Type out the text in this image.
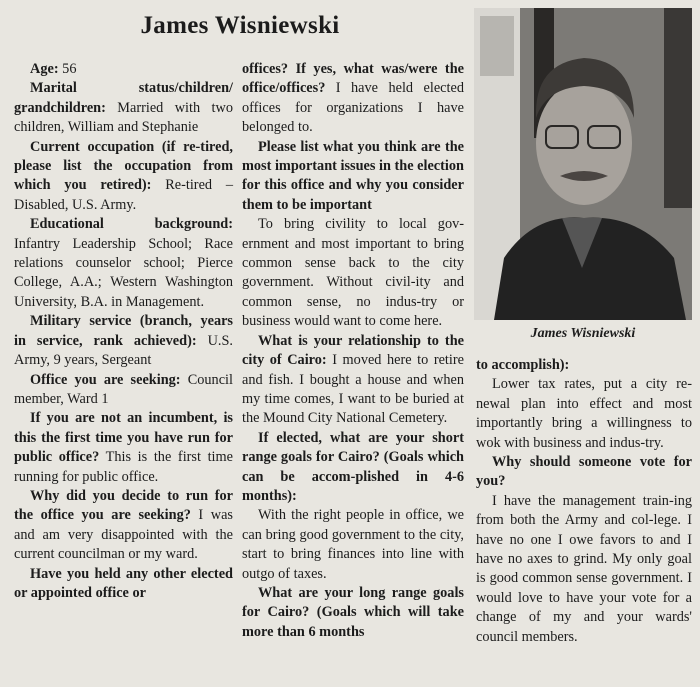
James Wisniewski

Age: 56

Marital status/children/ grandchildren: Married with two children, William and Stephanie

Current occupation (if re-tired, please list the occupation from which you retired): Re-tired – Disabled, U.S. Army.

Educational background: Infantry Leadership School; Race relations counselor school; Pierce College, A.A.; Western Washington University, B.A. in Management.

Military service (branch, years in service, rank achieved): U.S. Army, 9 years, Sergeant

Office you are seeking: Council member, Ward 1

If you are not an incumbent, is this the first time you have run for public office? This is the first time running for public office.

Why did you decide to run for the office you are seeking? I was and am very disappointed with the current councilman or my ward.

Have you held any other elected or appointed office or

offices? If yes, what was/were the office/offices? I have held elected offices for organizations I have belonged to.

Please list what you think are the most important issues in the election for this office and why you consider them to be important

To bring civility to local gov-ernment and most important to bring common sense back to the city government. Without civil-ity and common sense, no indus-try or business would want to come here.

What is your relationship to the city of Cairo: I moved here to retire and fish. I bought a house and when my time comes, I want to be buried at the Mound City National Cemetery.

If elected, what are your short range goals for Cairo? (Goals which can be accom-plished in 4-6 months):

With the right people in office, we can bring good government to the city, start to bring finances into line with outgo of taxes.

What are your long range goals for Cairo? (Goals which will take more than 6 months

James Wisniewski

to accomplish):

Lower tax rates, put a city re-newal plan into effect and most importantly bring a willingness to wok with business and indus-try.

Why should someone vote for you?

I have the management train-ing from both the Army and col-lege. I have no one I owe favors to and I have no axes to grind. My only goal is good common sense government. I would love to have your vote for a change of my and your wards' council members.
